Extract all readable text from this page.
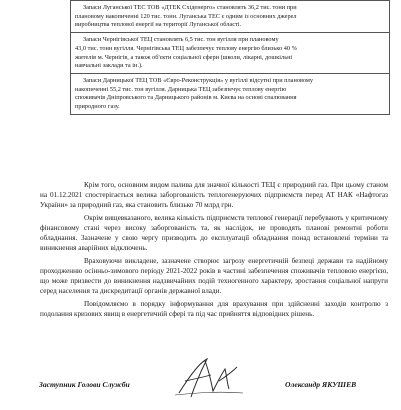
Запаси Луганської ТЕС ТОВ «ДТЕК Східенерго» становлять 36,2 тис. тони при

плановому накопиченні 120 тис. тонн. Луганська ТЕС є одним із основних джерел

виробництва теплової енергії на території Луганської області.

Запаси Чернігівської ТЕЦ становлять 6,5 тис. тон вугілля при плановому

43,0 тис. тонн вугілля. Чернігівська ТЕЦ забезпечує теплову енергію близько 40 %

жителів м. Чернігів, а також об'єкти соціальної сфери (школи, лікарні, дошкільні

навчальні заклади та ін.).

Запаси Дарницької ТЕЦ ТОВ «Євро-Реконструкція» у вугіллі відсутні при плановому

накопиченні 55,2 тис. тон вугілля. Дарницька ТЕЦ забезпечує теплову енергію

споживачів Дніпровського та Дарницького районів м. Києва на основі спалювання

природного газу.

Крім того, основним видом палива для значної кількості ТЕЦ є природний газ. При цьому станом на 01.12.2021 спостерігається велика заборгованість теплогенеруючих підприємств перед АТ НАК «Нафтогаз України» за природний газ, яка становить близько 70 млрд грн.

Окрім вищевказаного, велика кількість підприємств теплової генерації перебувають у критичному фінансовому стані через високу заборгованість та, як наслідок, не проводять планові ремонтні роботи обладнання. Зазначене у свою чергу призводить до експлуатації обладнання понад встановлені терміни та виникнення аварійних відключень.

Враховуючи викладене, зазначене створює загрозу енергетичній безпеці держави та надійному проходженню осінньо-зимового періоду 2021-2022 років в частині забезпечення споживачів тепловою енергією, що може призвести до виникнення надзвичайних подій техногенного характеру, зростання соціальної напруги серед населення та дискредитації органів державної влади.

Повідомляємо в порядку інформування для врахування при здійсненні заходів контролю з подолання кризових явищ в енергетичній сфері та під час прийняття відповідних рішень.

Заступник Голови Служби	Олександр ЯКУШЕВ
